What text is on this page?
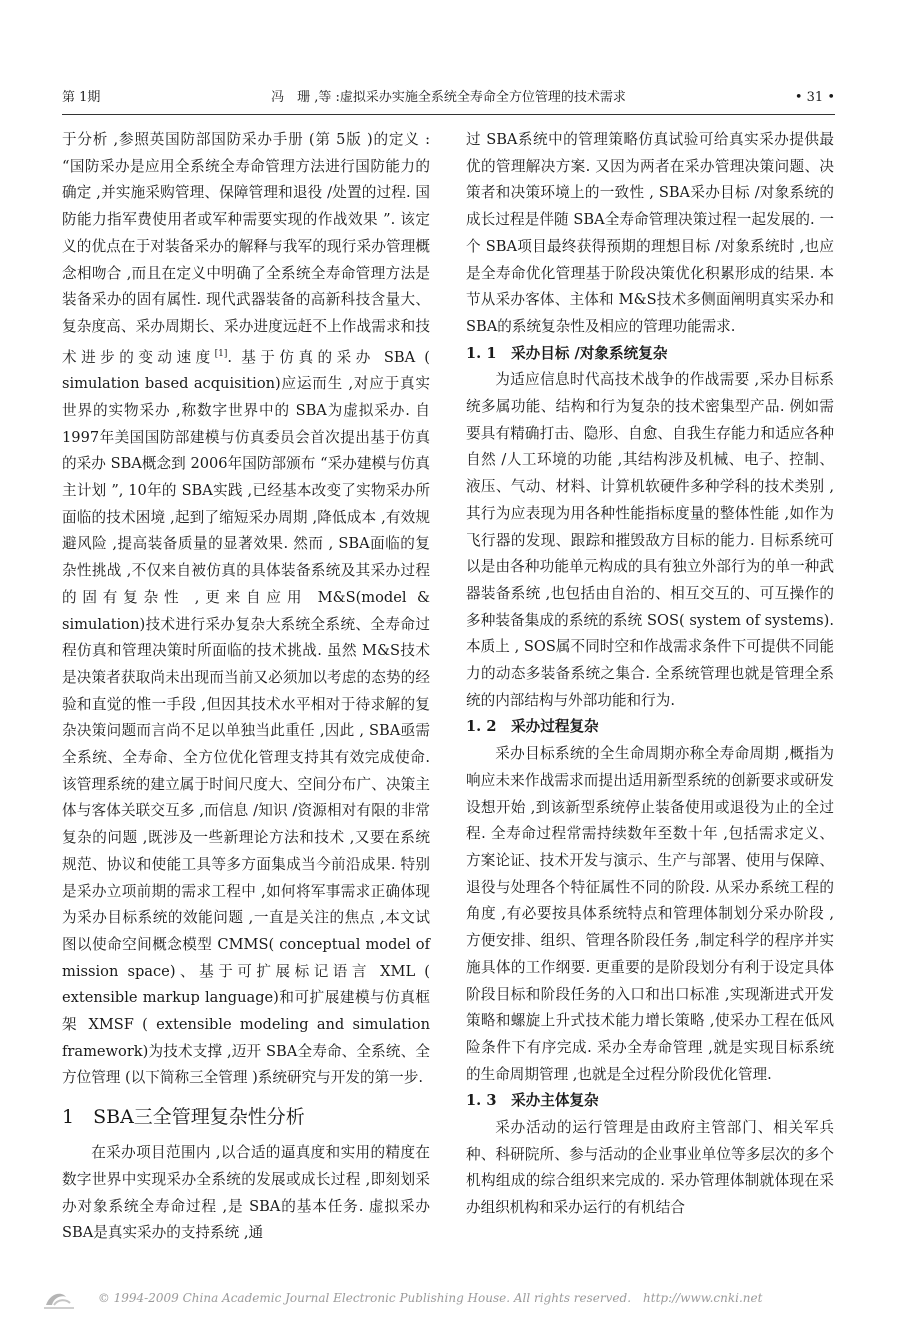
第 1期	冯　珊 ,等 :虚拟采办实施全系统全寿命全方位管理的技术需求	• 31 •

于分析 ,参照英国防部国防采办手册 (第 5版 )的定义 : “国防采办是应用全系统全寿命管理方法进行国防能力的确定 ,并实施采购管理、保障管理和退役 /处置的过程. 国防能力指军费使用者或军种需要实现的作战效果 ”. 该定义的优点在于对装备采办的解释与我军的现行采办管理概念相吻合 ,而且在定义中明确了全系统全寿命管理方法是装备采办的固有属性. 现代武器装备的高新科技含量大、复杂度高、采办周期长、采办进度远赶不上作战需求和技术进步的变动速度[1]. 基于仿真的采办 SBA ( simulation based acquisition)应运而生 ,对应于真实世界的实物采办 ,称数字世界中的 SBA为虚拟采办. 自 1997年美国国防部建模与仿真委员会首次提出基于仿真的采办 SBA概念到 2006年国防部颁布 “采办建模与仿真主计划 ”, 10年的 SBA实践 ,已经基本改变了实物采办所面临的技术困境 ,起到了缩短采办周期 ,降低成本 ,有效规避风险 ,提高装备质量的显著效果. 然而 , SBA面临的复杂性挑战 ,不仅来自被仿真的具体装备系统及其采办过程的固有复杂性 ,更来自应用 M&S(model & simulation)技术进行采办复杂大系统全系统、全寿命过程仿真和管理决策时所面临的技术挑战. 虽然 M&S技术是决策者获取尚未出现而当前又必须加以考虑的态势的经验和直觉的惟一手段 ,但因其技术水平相对于待求解的复杂决策问题而言尚不足以单独当此重任 ,因此 , SBA亟需全系统、全寿命、全方位优化管理支持其有效完成使命. 该管理系统的建立属于时间尺度大、空间分布广、决策主体与客体关联交互多 ,而信息 /知识 /资源相对有限的非常复杂的问题 ,既涉及一些新理论方法和技术 ,又要在系统规范、协议和使能工具等多方面集成当今前沿成果. 特别是采办立项前期的需求工程中 ,如何将军事需求正确体现为采办目标系统的效能问题 ,一直是关注的焦点 ,本文试图以使命空间概念模型 CMMS( conceptual model of mission space)、基于可扩展标记语言 XML ( extensible markup language)和可扩展建模与仿真框架 XMSF ( extensible modeling and simulation framework)为技术支撑 ,迈开 SBA全寿命、全系统、全方位管理 (以下简称三全管理 )系统研究与开发的第一步.

1　SBA三全管理复杂性分析

在采办项目范围内 ,以合适的逼真度和实用的精度在数字世界中实现采办全系统的发展或成长过程 ,即刻划采办对象系统全寿命过程 ,是 SBA的基本任务. 虚拟采办 SBA是真实采办的支持系统 ,通

过 SBA系统中的管理策略仿真试验可给真实采办提供最优的管理解决方案. 又因为两者在采办管理决策问题、决策者和决策环境上的一致性 , SBA采办目标 /对象系统的成长过程是伴随 SBA全寿命管理决策过程一起发展的. 一个 SBA项目最终获得预期的理想目标 /对象系统时 ,也应是全寿命优化管理基于阶段决策优化积累形成的结果. 本节从采办客体、主体和 M&S技术多侧面阐明真实采办和 SBA的系统复杂性及相应的管理功能需求.

1. 1　采办目标 /对象系统复杂

为适应信息时代高技术战争的作战需要 ,采办目标系统多属功能、结构和行为复杂的技术密集型产品. 例如需要具有精确打击、隐形、自愈、自我生存能力和适应各种自然 /人工环境的功能 ,其结构涉及机械、电子、控制、液压、气动、材料、计算机软硬件多种学科的技术类别 ,其行为应表现为用各种性能指标度量的整体性能 ,如作为飞行器的发现、跟踪和摧毁敌方目标的能力. 目标系统可以是由各种功能单元构成的具有独立外部行为的单一种武器装备系统 ,也包括由自治的、相互交互的、可互操作的多种装备集成的系统的系统 SOS( system of systems). 本质上 , SOS属不同时空和作战需求条件下可提供不同能力的动态多装备系统之集合. 全系统管理也就是管理全系统的内部结构与外部功能和行为.

1. 2　采办过程复杂

采办目标系统的全生命周期亦称全寿命周期 ,概指为响应未来作战需求而提出适用新型系统的创新要求或研发设想开始 ,到该新型系统停止装备使用或退役为止的全过程. 全寿命过程常需持续数年至数十年 ,包括需求定义、方案论证、技术开发与演示、生产与部署、使用与保障、退役与处理各个特征属性不同的阶段. 从采办系统工程的角度 ,有必要按具体系统特点和管理体制划分采办阶段 ,方便安排、组织、管理各阶段任务 ,制定科学的程序并实施具体的工作纲要. 更重要的是阶段划分有利于设定具体阶段目标和阶段任务的入口和出口标准 ,实现渐进式开发策略和螺旋上升式技术能力增长策略 ,使采办工程在低风险条件下有序完成. 采办全寿命管理 ,就是实现目标系统的生命周期管理 ,也就是全过程分阶段优化管理.

1. 3　采办主体复杂

采办活动的运行管理是由政府主管部门、相关军兵种、科研院所、参与活动的企业事业单位等多层次的多个机构组成的综合组织来完成的. 采办管理体制就体现在采办组织机构和采办运行的有机结合

© 1994-2009 China Academic Journal Electronic Publishing House. All rights reserved.　http://www.cnki.net
